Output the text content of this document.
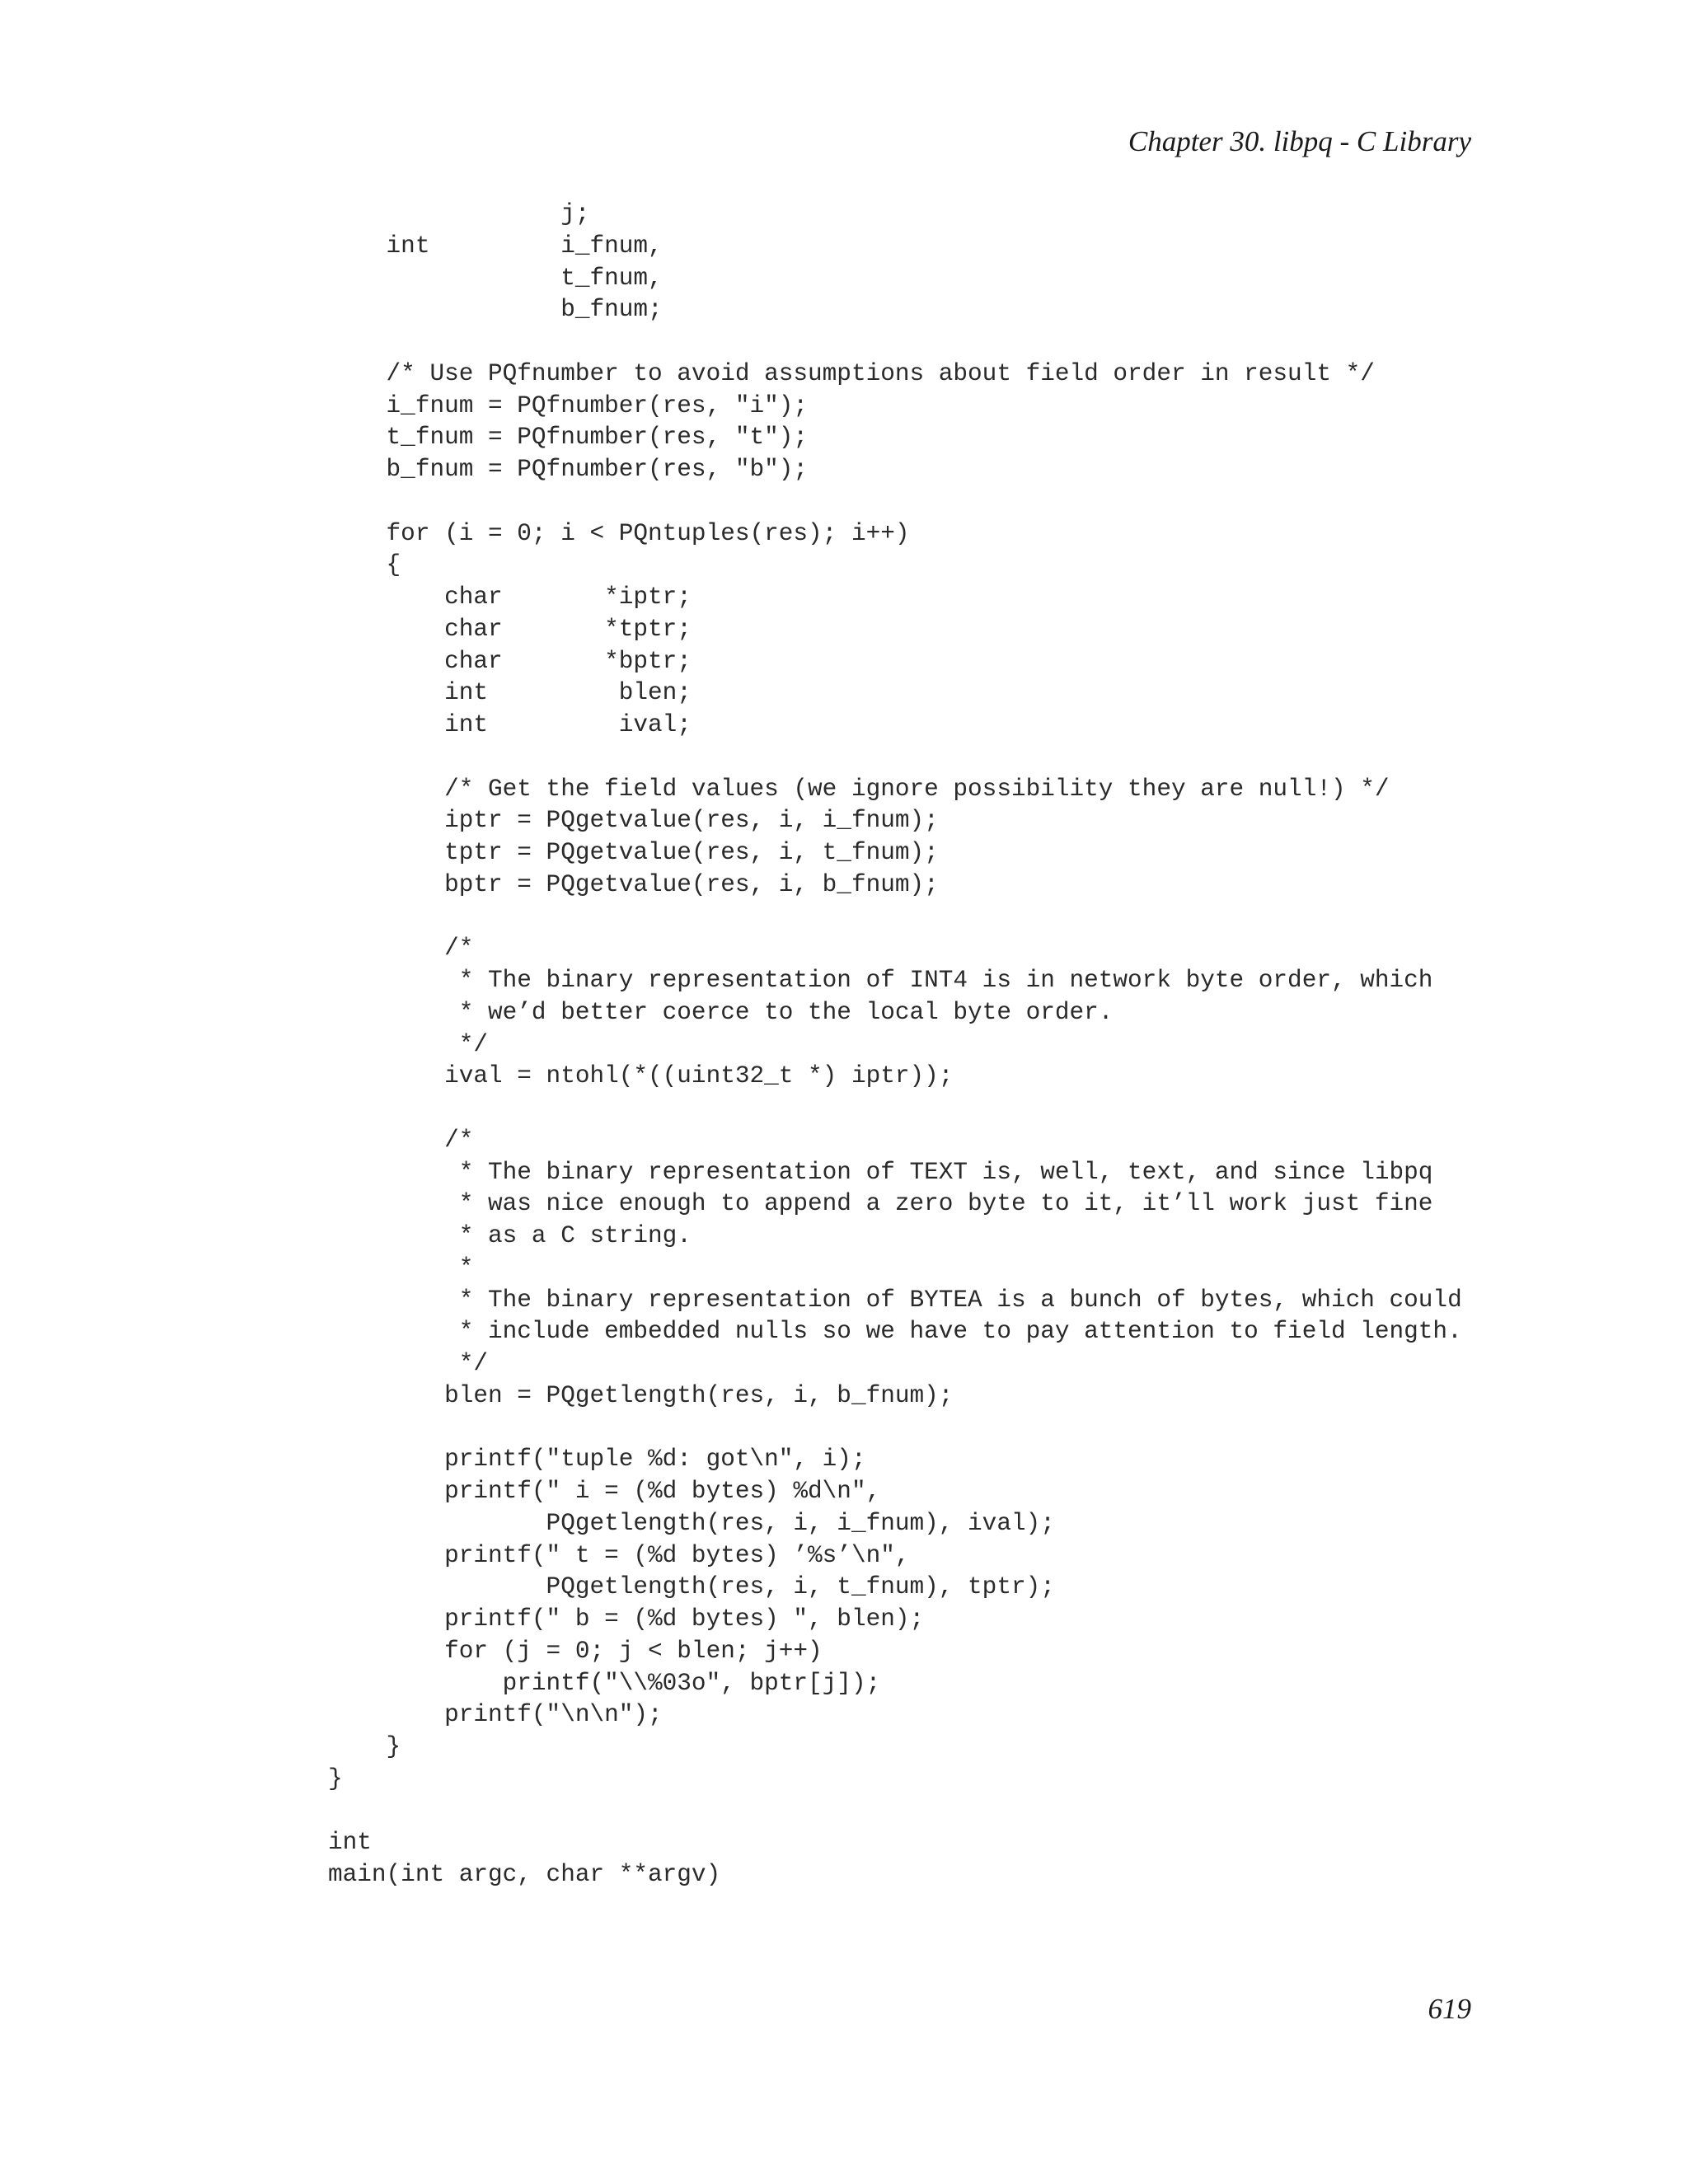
Chapter 30. libpq - C Library

j;
int         i_fnum,
t_fnum,
b_fnum;
/* Use PQfnumber to avoid assumptions about field order in result */
i_fnum = PQfnumber(res, "i");
t_fnum = PQfnumber(res, "t");
b_fnum = PQfnumber(res, "b");
for (i = 0; i < PQntuples(res); i++)
{
char       *iptr;
char       *tptr;
char       *bptr;
int         blen;
int         ival;
/* Get the field values (we ignore possibility they are null!) */
iptr = PQgetvalue(res, i, i_fnum);
tptr = PQgetvalue(res, i, t_fnum);
bptr = PQgetvalue(res, i, b_fnum);
/*
* The binary representation of INT4 is in network byte order, which
* we’d better coerce to the local byte order.
*/
ival = ntohl(*((uint32_t *) iptr));
/*
* The binary representation of TEXT is, well, text, and since libpq
* was nice enough to append a zero byte to it, it’ll work just fine
* as a C string.
*
* The binary representation of BYTEA is a bunch of bytes, which could
* include embedded nulls so we have to pay attention to field length.
*/
blen = PQgetlength(res, i, b_fnum);
printf("tuple %d: got\n", i);
printf(" i = (%d bytes) %d\n",
PQgetlength(res, i, i_fnum), ival);
printf(" t = (%d bytes) ’%s’\n",
PQgetlength(res, i, t_fnum), tptr);
printf(" b = (%d bytes) ", blen);
for (j = 0; j < blen; j++)
printf("\\%03o", bptr[j]);
printf("\n\n");
}
}
int
main(int argc, char **argv)

619
